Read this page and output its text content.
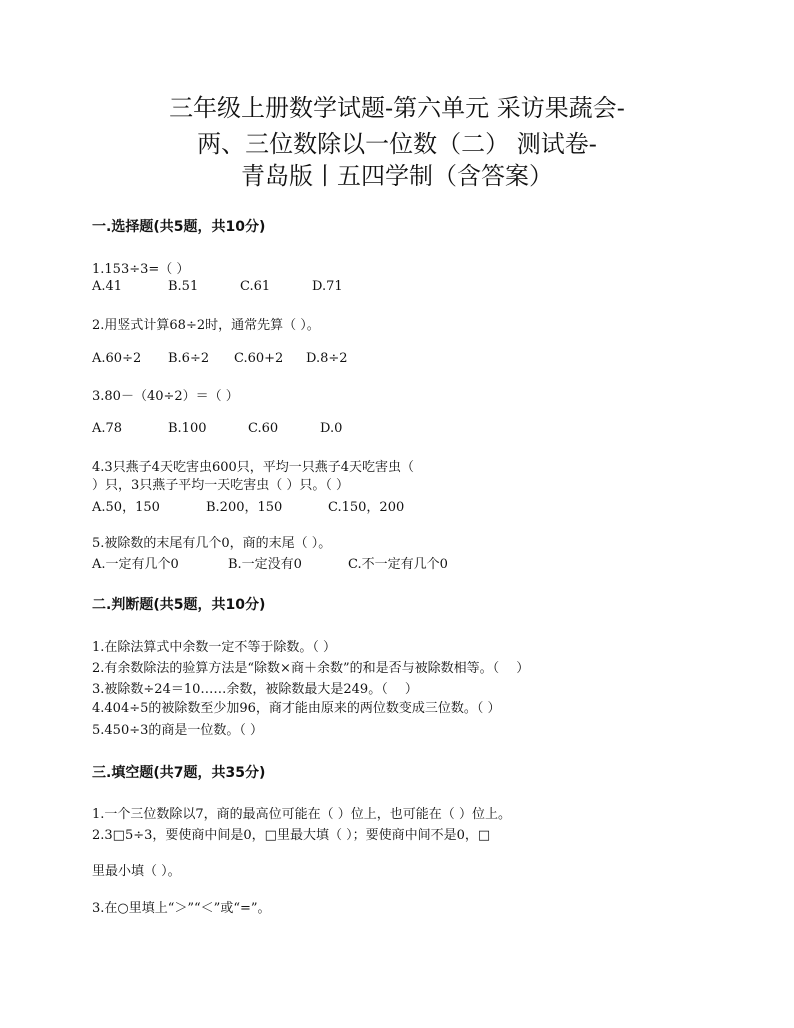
三年级上册数学试题-第六单元 采访果蔬会-
两、三位数除以一位数（二） 测试卷-
青岛版丨五四学制（含答案）
一.选择题(共5题，共10分)
1.153÷3=（ ）
A.41	B.51	C.61	D.71
2.用竖式计算68÷2时，通常先算（ ）。
A.60÷2 B.6÷2 C.60+2 D.8÷2
3.80－（40÷2）＝（ ）
A.78	B.100	C.60	D.0
4.3只燕子4天吃害虫600只，平均一只燕子4天吃害虫（
）只，3只燕子平均一天吃害虫（ ）只。（ ）
A.50，150	B.200，150	C.150，200
5.被除数的末尾有几个0，商的末尾（ ）。
A.一定有几个0	B.一定没有0	C.不一定有几个0
二.判断题(共5题，共10分)
1.在除法算式中余数一定不等于除数。（ ）
2.有余数除法的验算方法是“除数×商＋余数”的和是否与被除数相等。（　 ）
3.被除数÷24＝10……余数，被除数最大是249。（　 ）
4.404÷5的被除数至少加96，商才能由原来的两位数变成三位数。（ ）
5.450÷3的商是一位数。（ ）
三.填空题(共7题，共35分)
1.一个三位数除以7，商的最高位可能在（ ）位上，也可能在（ ）位上。
2.3□5÷3，要使商中间是0，□里最大填（ ）；要使商中间不是0，□
里最小填（ ）。
3.在○里填上“＞”“＜”或“=”。
